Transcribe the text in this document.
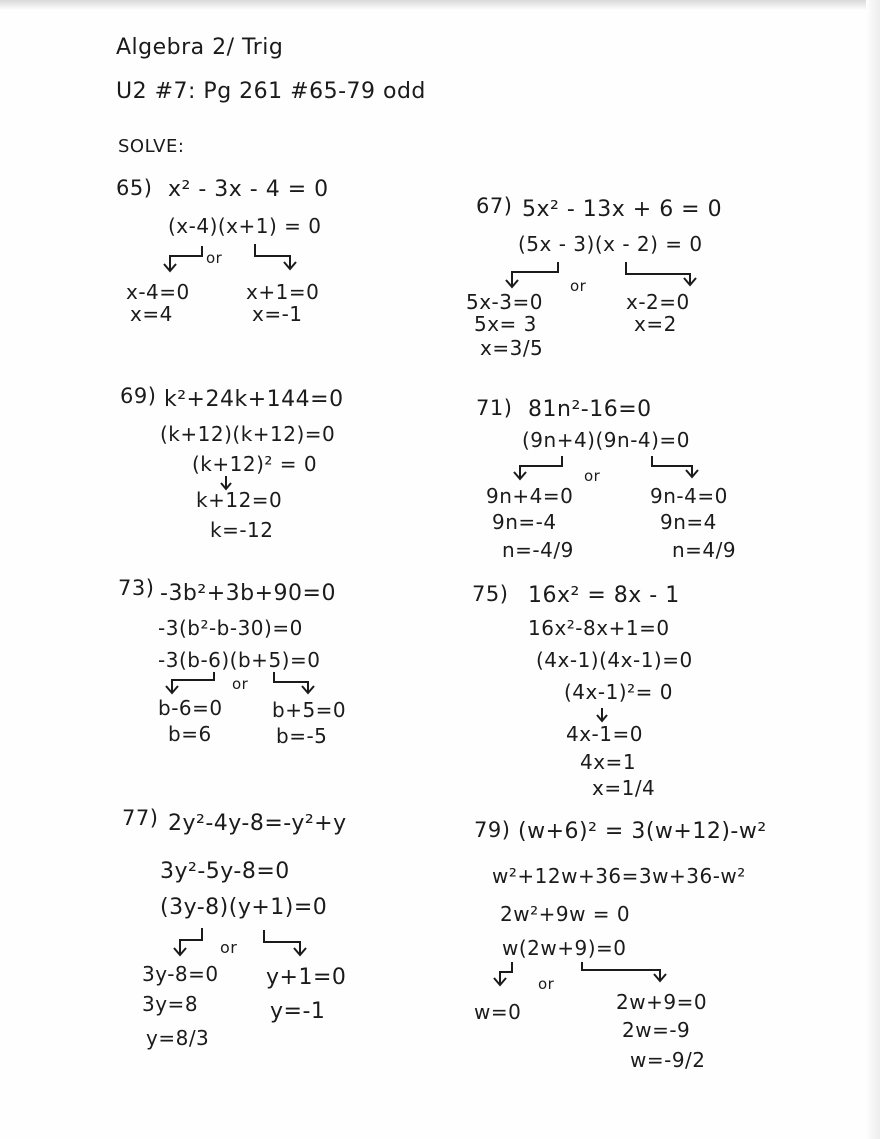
Algebra 2/ Trig
U2 #7: Pg 261 #65-79 odd
SOLVE:
65) x² - 3x - 4 = 0
(x-4)(x+1) = 0
or
x-4=0
x=4
x+1=0
x=-1
67) 5x² - 13x + 6 = 0
(5x - 3)(x - 2) = 0
or
5x-3=0
5x= 3
x=3/5
x-2=0
x=2
69) k²+24k+144=0
(k+12)(k+12)=0
(k+12)² = 0
k+12=0
k=-12
71) 81n²-16=0
(9n+4)(9n-4)=0
or
9n+4=0
9n=-4
n=-4/9
9n-4=0
9n=4
n=4/9
73) -3b²+3b+90=0
-3(b²-b-30)=0
-3(b-6)(b+5)=0
or
b-6=0
b=6
b+5=0
b=-5
75) 16x² = 8x - 1
16x²-8x+1=0
(4x-1)(4x-1)=0
(4x-1)²= 0
4x-1=0
4x=1
x=1/4
77) 2y²-4y-8=-y²+y
3y²-5y-8=0
(3y-8)(y+1)=0
or
3y-8=0
3y=8
y=8/3
y+1=0
y=-1
79) (w+6)² = 3(w+12)-w²
w²+12w+36=3w+36-w²
2w²+9w = 0
w(2w+9)=0
or
w=0	2w+9=0
2w=-9
w=-9/2
